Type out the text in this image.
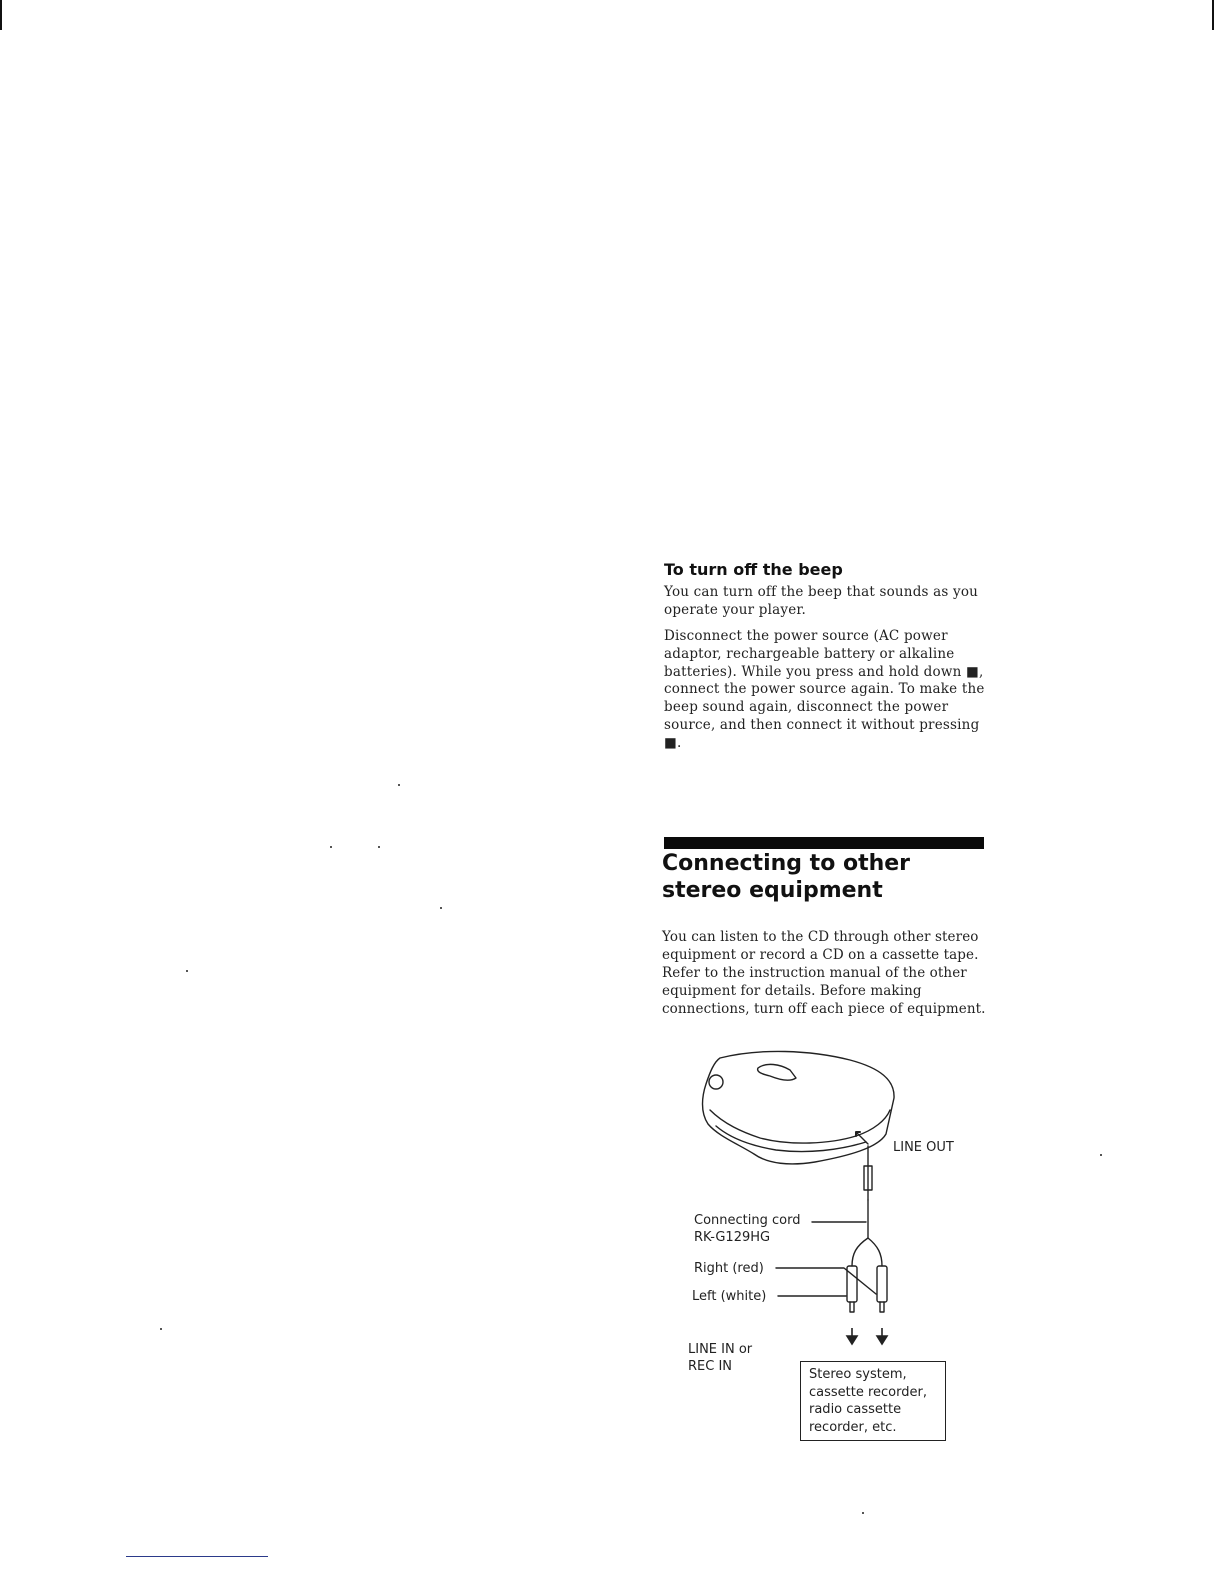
To turn off the beep
You can turn off the beep that sounds as you
operate your player.
Disconnect the power source (AC power
adaptor, rechargeable battery or alkaline
batteries). While you press and hold down ■,
connect the power source again. To make the
beep sound again, disconnect the power
source, and then connect it without pressing
■.
Connecting to other
stereo equipment
You can listen to the CD through other stereo
equipment or record a CD on a cassette tape.
Refer to the instruction manual of the other
equipment for details. Before making
connections, turn off each piece of equipment.
LINE OUT
Connecting cord
RK-G129HG
Right (red)
Left (white)
LINE IN or
REC IN
Stereo system,
cassette recorder,
radio cassette
recorder, etc.
